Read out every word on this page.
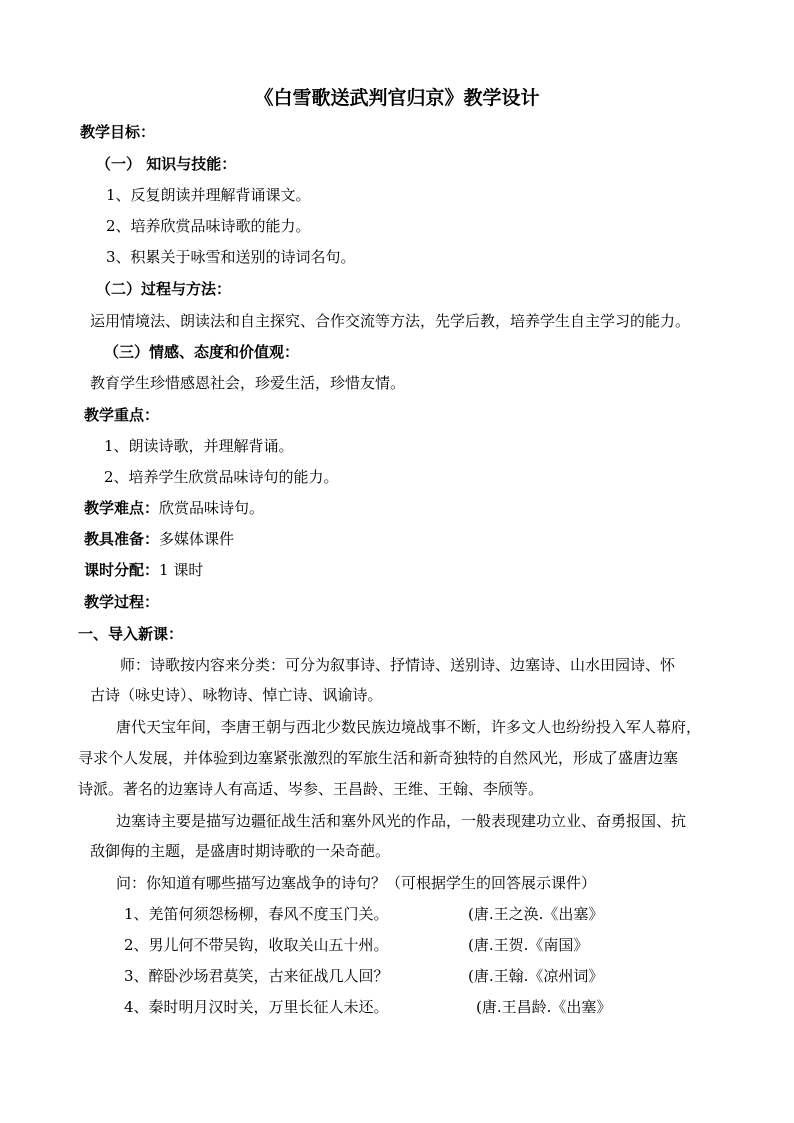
《白雪歌送武判官归京》教学设计
教学目标：
（一） 知识与技能：
1、反复朗读并理解背诵课文。
2、培养欣赏品味诗歌的能力。
3、积累关于咏雪和送别的诗词名句。
（二）过程与方法：
运用情境法、朗读法和自主探究、合作交流等方法，先学后教，培养学生自主学习的能力。
（三）情感、态度和价值观：
教育学生珍惜感恩社会，珍爱生活，珍惜友情。
教学重点：
1、朗读诗歌，并理解背诵。
2、培养学生欣赏品味诗句的能力。
教学难点：欣赏品味诗句。
教具准备：多媒体课件
课时分配：1 课时
教学过程：
一、导入新课：
师：诗歌按内容来分类：可分为叙事诗、抒情诗、送别诗、边塞诗、山水田园诗、怀
古诗（咏史诗）、咏物诗、悼亡诗、讽谕诗。
唐代天宝年间，李唐王朝与西北少数民族边境战事不断，许多文人也纷纷投入军人幕府，
寻求个人发展，并体验到边塞紧张激烈的军旅生活和新奇独特的自然风光，形成了盛唐边塞
诗派。著名的边塞诗人有高适、岑参、王昌龄、王维、王翰、李颀等。
边塞诗主要是描写边疆征战生活和塞外风光的作品，一般表现建功立业、奋勇报国、抗
敌御侮的主题，是盛唐时期诗歌的一朵奇葩。
问：你知道有哪些描写边塞战争的诗句？（可根据学生的回答展示课件）
1、羌笛何须怨杨柳，春风不度玉门关。	(唐.王之涣.《出塞》
2、男儿何不带吴钩，收取关山五十州。	(唐.王贺.《南国》
3、醉卧沙场君莫笑，古来征战几人回？	(唐.王翰.《凉州词》
4、秦时明月汉时关，万里长征人未还。	(唐.王昌龄.《出塞》
